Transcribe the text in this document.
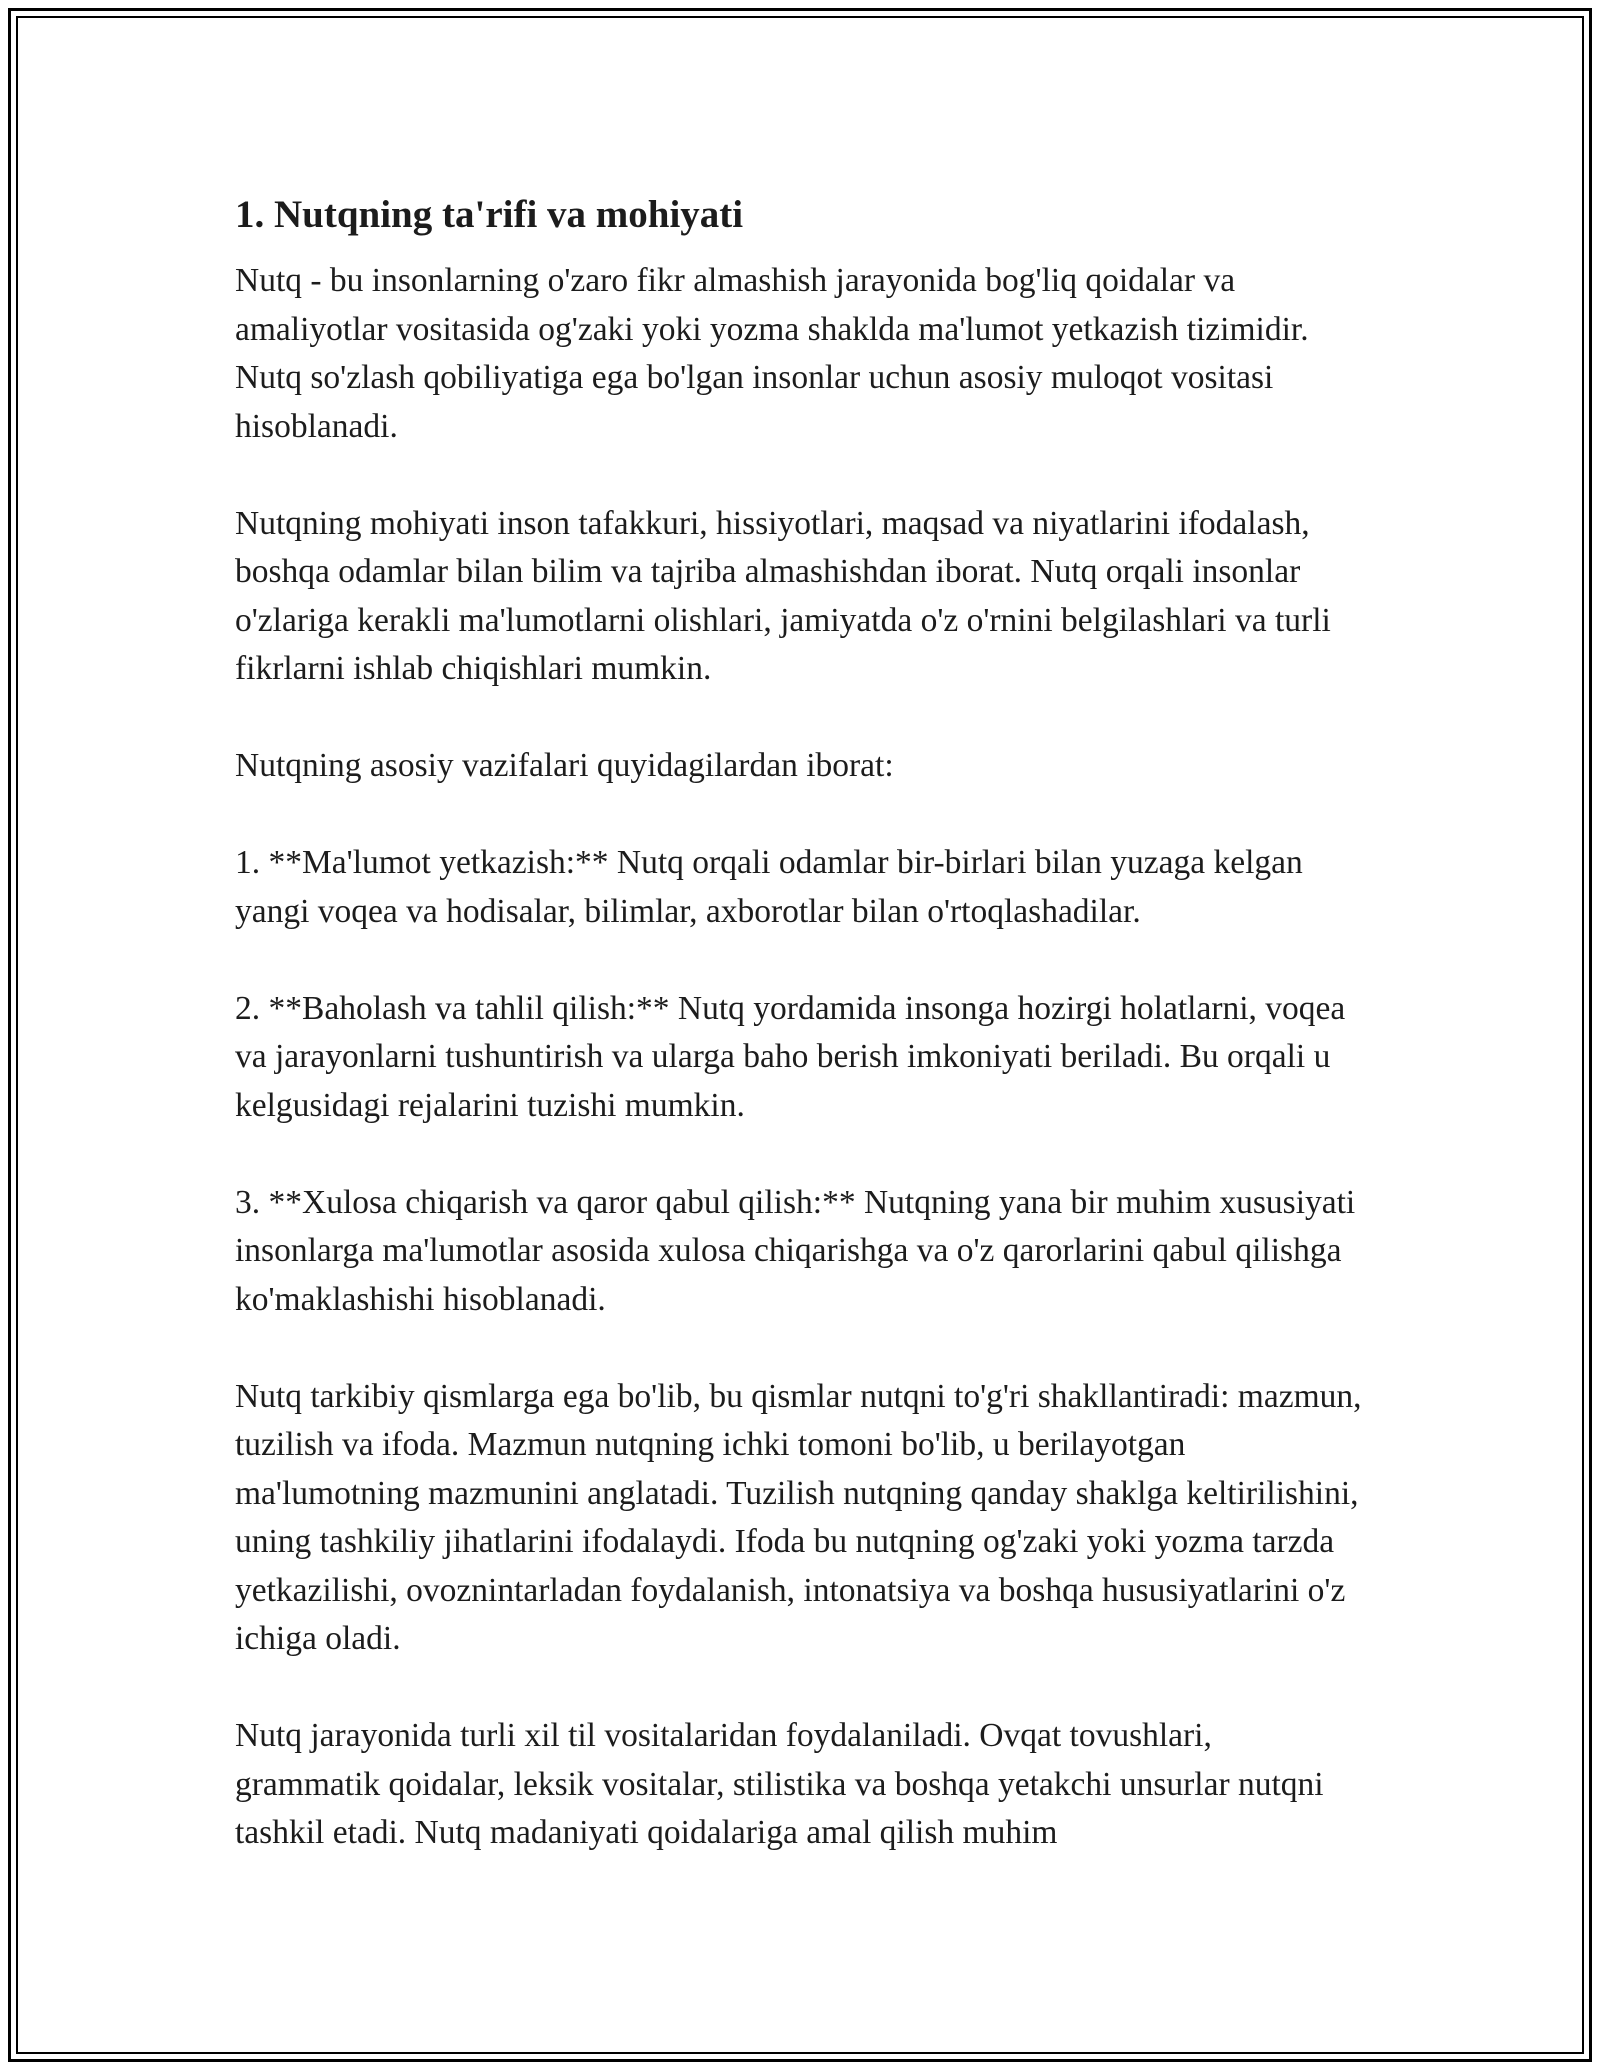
1. Nutqning ta'rifi va mohiyati
Nutq - bu insonlarning o'zaro fikr almashish jarayonida bog'liq qoidalar va amaliyotlar vositasida og'zaki yoki yozma shaklda ma'lumot yetkazish tizimidir. Nutq so'zlash qobiliyatiga ega bo'lgan insonlar uchun asosiy muloqot vositasi hisoblanadi.
Nutqning mohiyati inson tafakkuri, hissiyotlari, maqsad va niyatlarini ifodalash, boshqa odamlar bilan bilim va tajriba almashishdan iborat. Nutq orqali insonlar o'zlariga kerakli ma'lumotlarni olishlari, jamiyatda o'z o'rnini belgilashlari va turli fikrlarni ishlab chiqishlari mumkin.
Nutqning asosiy vazifalari quyidagilardan iborat:
1. **Ma'lumot yetkazish:** Nutq orqali odamlar bir-birlari bilan yuzaga kelgan yangi voqea va hodisalar, bilimlar, axborotlar bilan o'rtoqlashadilar.
2. **Baholash va tahlil qilish:** Nutq yordamida insonga hozirgi holatlarni, voqea va jarayonlarni tushuntirish va ularga baho berish imkoniyati beriladi. Bu orqali u kelgusidagi rejalarini tuzishi mumkin.
3. **Xulosa chiqarish va qaror qabul qilish:** Nutqning yana bir muhim xususiyati insonlarga ma'lumotlar asosida xulosa chiqarishga va o'z qarorlarini qabul qilishga ko'maklashishi hisoblanadi.
Nutq tarkibiy qismlarga ega bo'lib, bu qismlar nutqni to'g'ri shakllantiradi: mazmun, tuzilish va ifoda. Mazmun nutqning ichki tomoni bo'lib, u berilayotgan ma'lumotning mazmunini anglatadi. Tuzilish nutqning qanday shaklga keltirilishini, uning tashkiliy jihatlarini ifodalaydi. Ifoda bu nutqning og'zaki yoki yozma tarzda yetkazilishi, ovoznintarladan foydalanish, intonatsiya va boshqa hususiyatlarini o'z ichiga oladi.
Nutq jarayonida turli xil til vositalaridan foydalaniladi. Ovqat tovushlari, grammatik qoidalar, leksik vositalar, stilistika va boshqa yetakchi unsurlar nutqni tashkil etadi. Nutq madaniyati qoidalariga amal qilish muhim
